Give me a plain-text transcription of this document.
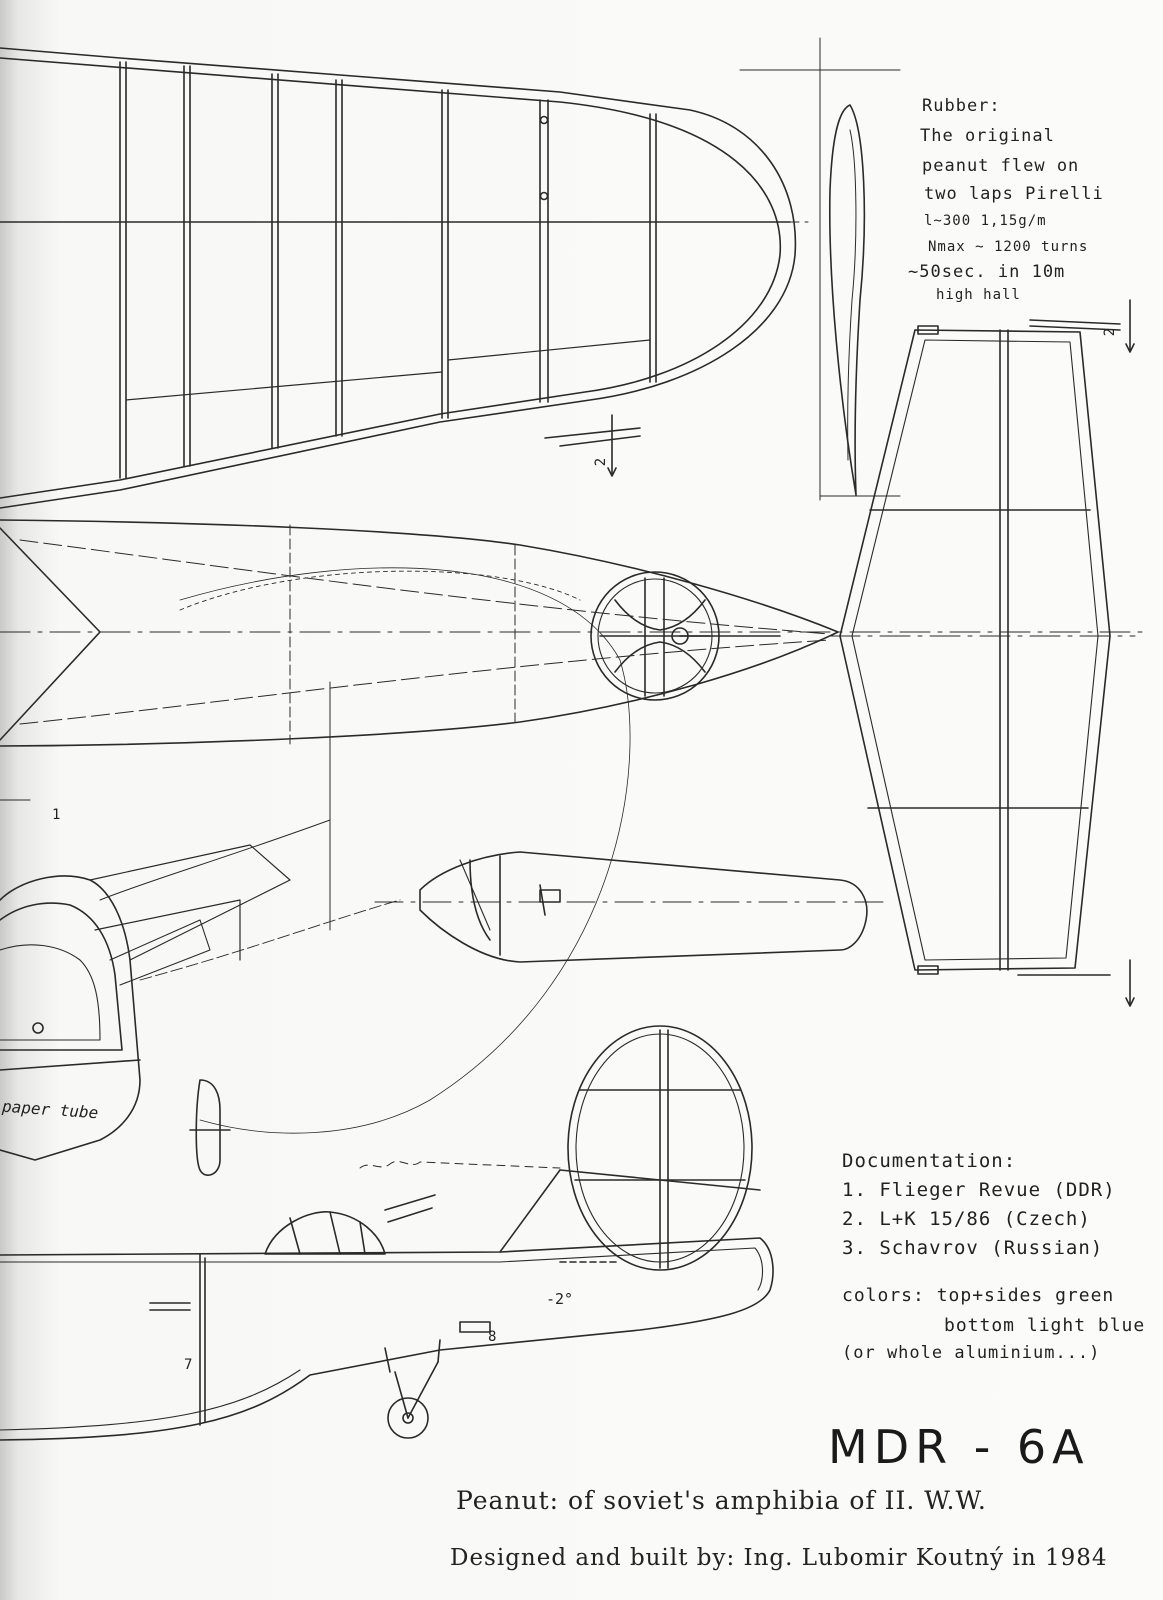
Rubber:
The original
peanut flew on
two laps Pirelli
l~300 1,15g/m
Nmax ~ 1200 turns
~50sec. in 10m
high hall
2
2
1
7
8
-2°
paper tube
Documentation:
1. Flieger Revue (DDR)
2. L+K 15/86 (Czech)
3. Schavrov (Russian)
colors: top+sides green
bottom light blue
(or whole aluminium...)
MDR - 6A
Peanut: of soviet's amphibia of II. W.W.
Designed and built by: Ing. Lubomir Koutný in 1984
